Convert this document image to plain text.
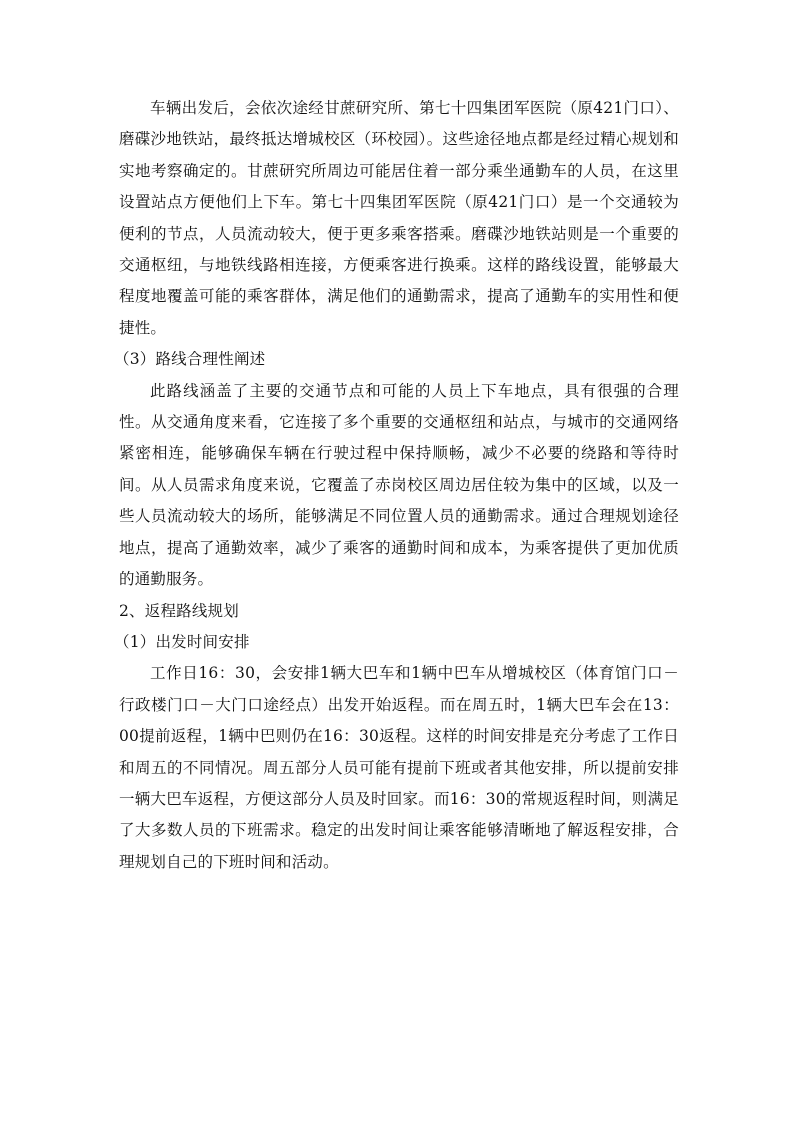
车辆出发后，会依次途经甘蔗研究所、第七十四集团军医院（原421门口）、磨碟沙地铁站，最终抵达增城校区（环校园）。这些途径地点都是经过精心规划和实地考察确定的。甘蔗研究所周边可能居住着一部分乘坐通勤车的人员，在这里设置站点方便他们上下车。第七十四集团军医院（原421门口）是一个交通较为便利的节点，人员流动较大，便于更多乘客搭乘。磨碟沙地铁站则是一个重要的交通枢纽，与地铁线路相连接，方便乘客进行换乘。这样的路线设置，能够最大程度地覆盖可能的乘客群体，满足他们的通勤需求，提高了通勤车的实用性和便捷性。

（3）路线合理性阐述

此路线涵盖了主要的交通节点和可能的人员上下车地点，具有很强的合理性。从交通角度来看，它连接了多个重要的交通枢纽和站点，与城市的交通网络紧密相连，能够确保车辆在行驶过程中保持顺畅，减少不必要的绕路和等待时间。从人员需求角度来说，它覆盖了赤岗校区周边居住较为集中的区域，以及一些人员流动较大的场所，能够满足不同位置人员的通勤需求。通过合理规划途径地点，提高了通勤效率，减少了乘客的通勤时间和成本，为乘客提供了更加优质的通勤服务。

2、返程路线规划

（1）出发时间安排

工作日16：30，会安排1辆大巴车和1辆中巴车从增城校区（体育馆门口－行政楼门口－大门口途经点）出发开始返程。而在周五时，1辆大巴车会在13：00提前返程，1辆中巴则仍在16：30返程。这样的时间安排是充分考虑了工作日和周五的不同情况。周五部分人员可能有提前下班或者其他安排，所以提前安排一辆大巴车返程，方便这部分人员及时回家。而16：30的常规返程时间，则满足了大多数人员的下班需求。稳定的出发时间让乘客能够清晰地了解返程安排，合理规划自己的下班时间和活动。
